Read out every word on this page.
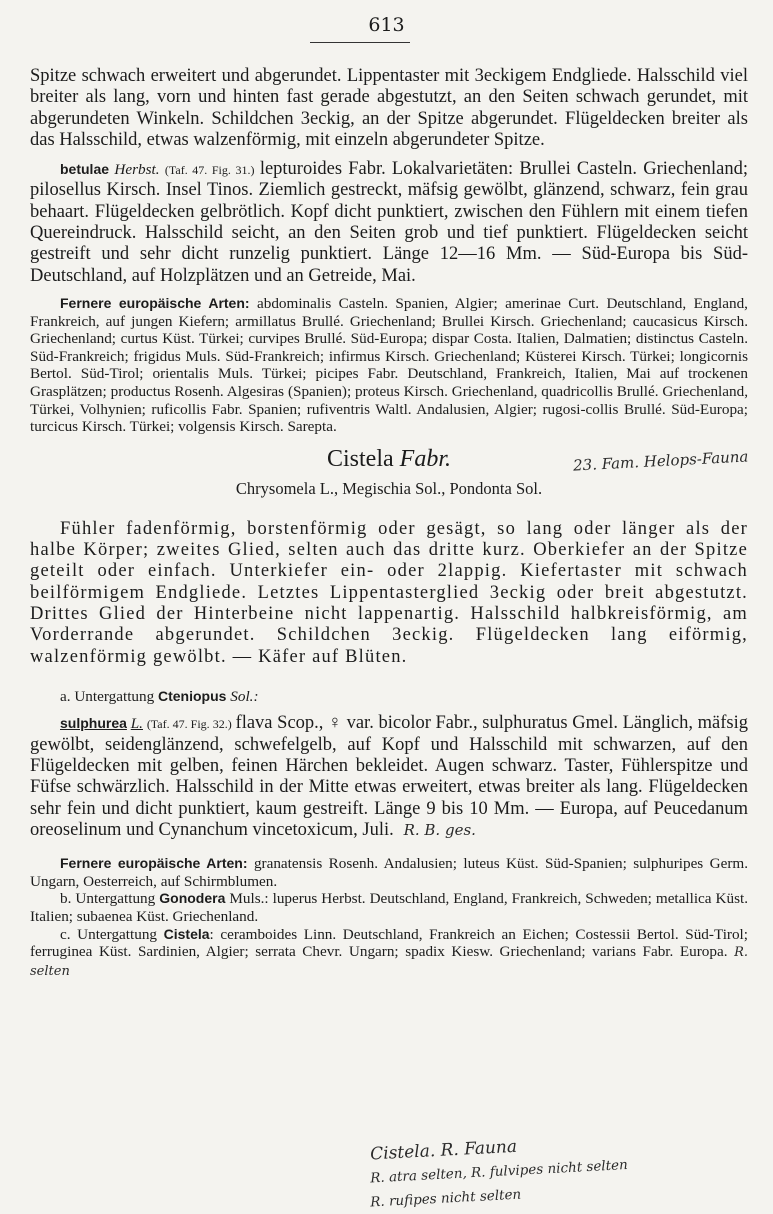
613

Spitze schwach erweitert und abgerundet. Lippentaster mit 3eckigem Endgliede. Halsschild viel breiter als lang, vorn und hinten fast gerade abgestutzt, an den Seiten schwach gerundet, mit abgerundeten Winkeln. Schildchen 3eckig, an der Spitze abgerundet. Flügeldecken breiter als das Halsschild, etwas walzenförmig, mit einzeln abgerundeter Spitze.

betulae Herbst. (Taf. 47. Fig. 31.) lepturoides Fabr. Lokalvarietäten: Brullei Casteln. Griechenland; pilosellus Kirsch. Insel Tinos. Ziemlich gestreckt, mäfsig gewölbt, glänzend, schwarz, fein grau behaart. Flügeldecken gelbrötlich. Kopf dicht punktiert, zwischen den Fühlern mit einem tiefen Quereindruck. Halsschild seicht, an den Seiten grob und tief punktiert. Flügeldecken seicht gestreift und sehr dicht runzelig punktiert. Länge 12—16 Mm. — Süd-Europa bis Süd-Deutschland, auf Holzplätzen und an Getreide, Mai.

Fernere europäische Arten: abdominalis Casteln. Spanien, Algier; amerinae Curt. Deutschland, England, Frankreich, auf jungen Kiefern; armillatus Brullé. Griechenland; Brullei Kirsch. Griechenland; caucasicus Kirsch. Griechenland; curtus Küst. Türkei; curvipes Brullé. Süd-Europa; dispar Costa. Italien, Dalmatien; distinctus Casteln. Süd-Frankreich; frigidus Muls. Süd-Frankreich; infirmus Kirsch. Griechenland; Küsterei Kirsch. Türkei; longicornis Bertol. Süd-Tirol; orientalis Muls. Türkei; picipes Fabr. Deutschland, Frankreich, Italien, Mai auf trockenen Grasplätzen; productus Rosenh. Algesiras (Spanien); proteus Kirsch. Griechenland, quadricollis Brullé. Griechenland, Türkei, Volhynien; ruficollis Fabr. Spanien; rufiventris Waltl. Andalusien, Algier; rugosi-collis Brullé. Süd-Europa; turcicus Kirsch. Türkei; volgensis Kirsch. Sarepta.

Cistela Fabr.	23. Fam. Helops-Fauna
Chrysomela L., Megischia Sol., Pondonta Sol.

Fühler fadenförmig, borstenförmig oder gesägt, so lang oder länger als der halbe Körper; zweites Glied, selten auch das dritte kurz. Oberkiefer an der Spitze geteilt oder einfach. Unterkiefer ein- oder 2lappig. Kiefertaster mit schwach beilförmigem Endgliede. Letztes Lippentasterglied 3eckig oder breit abgestutzt. Drittes Glied der Hinterbeine nicht lappenartig. Halsschild halbkreisförmig, am Vorderrande abgerundet. Schildchen 3eckig. Flügeldecken lang eiförmig, walzenförmig gewölbt. — Käfer auf Blüten.

a. Untergattung Cteniopus Sol.:

sulphurea L. (Taf. 47. Fig. 32.) flava Scop., ♀ var. bicolor Fabr., sulphuratus Gmel. Länglich, mäfsig gewölbt, seidenglänzend, schwefelgelb, auf Kopf und Halsschild mit schwarzen, auf den Flügeldecken mit gelben, feinen Härchen bekleidet. Augen schwarz. Taster, Fühlerspitze und Füfse schwärzlich. Halsschild in der Mitte etwas erweitert, etwas breiter als lang. Flügeldecken sehr fein und dicht punktiert, kaum gestreift. Länge 9 bis 10 Mm. — Europa, auf Peucedanum oreoselinum und Cynanchum vincetoxicum, Juli. R. B. ges.

Fernere europäische Arten: granatensis Rosenh. Andalusien; luteus Küst. Süd-Spanien; sulphuripes Germ. Ungarn, Oesterreich, auf Schirmblumen.

b. Untergattung Gonodera Muls.: luperus Herbst. Deutschland, England, Frankreich, Schweden; metallica Küst. Italien; subaenea Küst. Griechenland.

c. Untergattung Cistela: ceramboides Linn. Deutschland, Frankreich an Eichen; Costessii Bertol. Süd-Tirol; ferruginea Küst. Sardinien, Algier; serrata Chevr. Ungarn; spadix Kiesw. Griechenland; varians Fabr. Europa. R. selten

Cistela. R. Fauna
R. atra selten, R. fulvipes nicht selten
R. rufipes nicht selten
